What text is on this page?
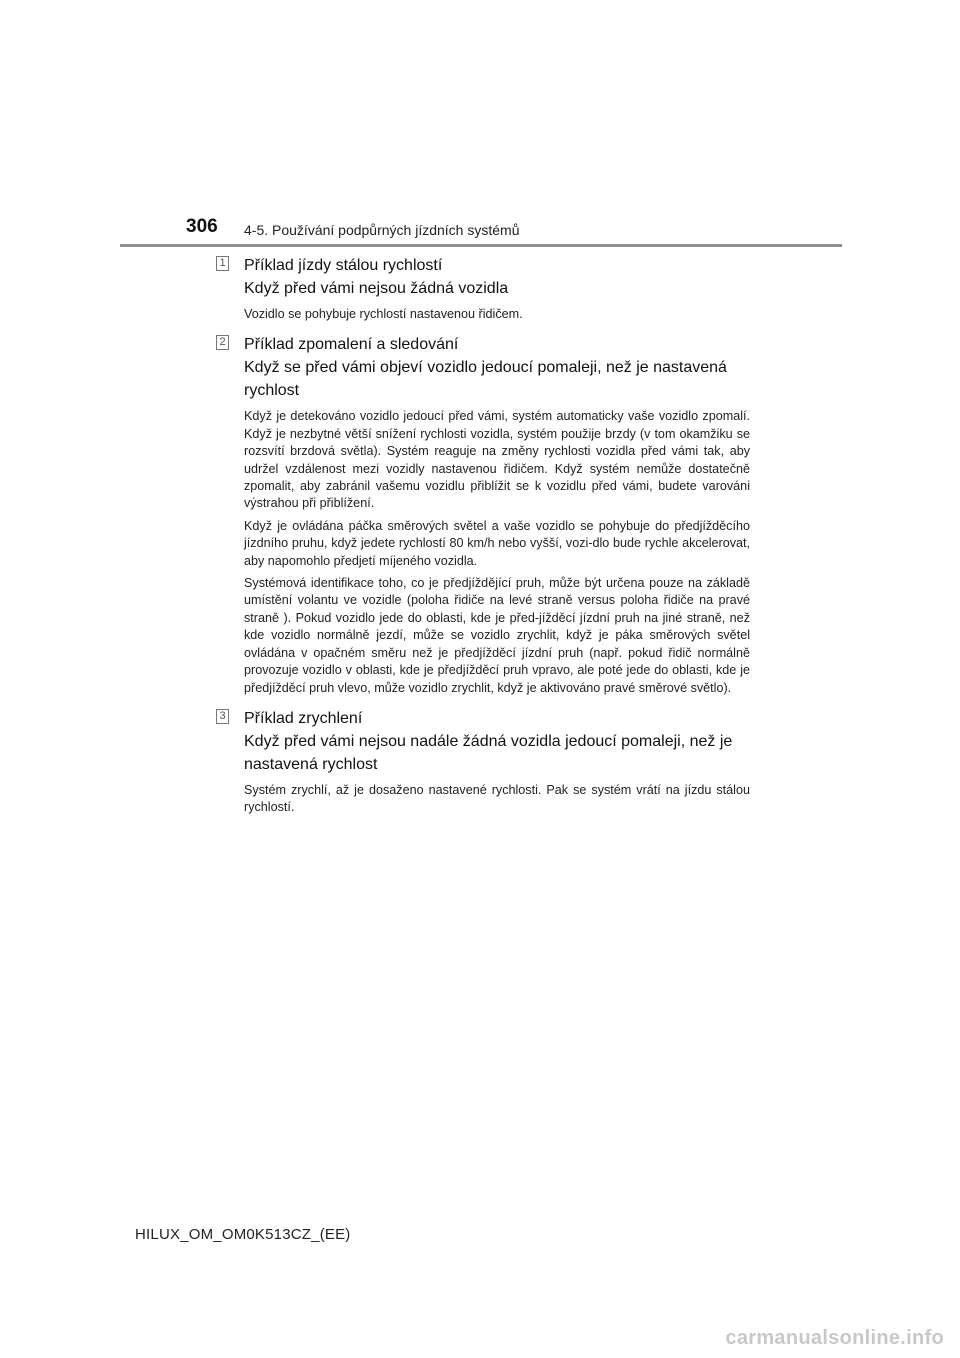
306 4-5. Používání podpůrných jízdních systémů
1 Příklad jízdy stálou rychlostí
Když před vámi nejsou žádná vozidla

Vozidlo se pohybuje rychlostí nastavenou řidičem.

2 Příklad zpomalení a sledování
Když se před vámi objeví vozidlo jedoucí pomaleji, než je nastavená rychlost

Když je detekováno vozidlo jedoucí před vámi, systém automaticky vaše vozidlo zpomalí. Když je nezbytné větší snížení rychlosti vozidla, systém použije brzdy (v tom okamžiku se rozsvítí brzdová světla). Systém reaguje na změny rychlosti vozidla před vámi tak, aby udržel vzdálenost mezi vozidly nastavenou řidičem. Když systém nemůže dostatečně zpomalit, aby zabránil vašemu vozidlu přiblížit se k vozidlu před vámi, budete varováni výstrahou při přiblížení.

Když je ovládána páčka směrových světel a vaše vozidlo se pohybuje do předjížděcího jízdního pruhu, když jedete rychlostí 80 km/h nebo vyšší, vozi-dlo bude rychle akcelerovat, aby napomohlo předjetí míjeného vozidla.

Systémová identifikace toho, co je předjíždějící pruh, může být určena pouze na základě umístění volantu ve vozidle (poloha řidiče na levé straně versus poloha řidiče na pravé straně ). Pokud vozidlo jede do oblasti, kde je před-jížděcí jízdní pruh na jiné straně, než kde vozidlo normálně jezdí, může se vozidlo zrychlit, když je páka směrových světel ovládána v opačném směru než je předjížděcí jízdní pruh (např. pokud řidič normálně provozuje vozidlo v oblasti, kde je předjížděcí pruh vpravo, ale poté jede do oblasti, kde je předjížděcí pruh vlevo, může vozidlo zrychlit, když je aktivováno pravé směrové světlo).

3 Příklad zrychlení
Když před vámi nejsou nadále žádná vozidla jedoucí pomaleji, než je nastavená rychlost

Systém zrychlí, až je dosaženo nastavené rychlosti. Pak se systém vrátí na jízdu stálou rychlostí.

HILUX_OM_OM0K513CZ_(EE)
carmanualsonline.info
